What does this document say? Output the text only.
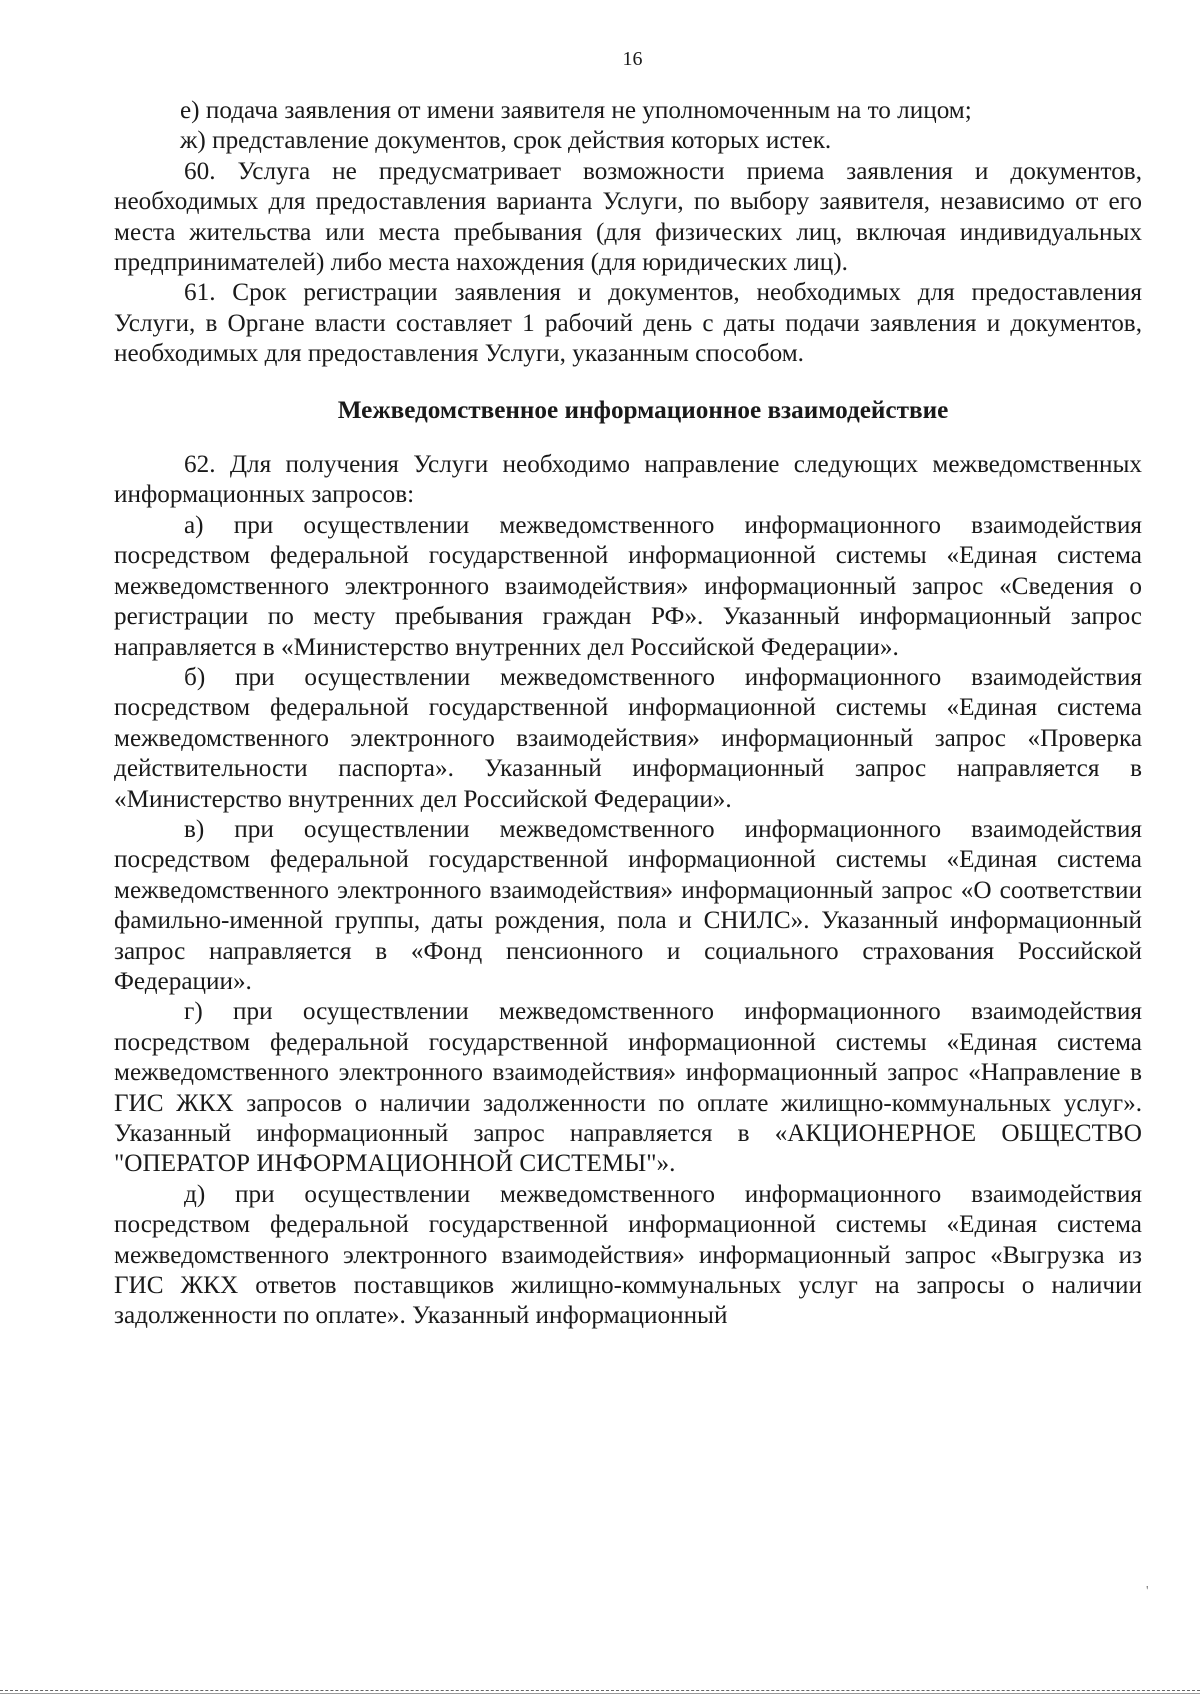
16

е) подача заявления от имени заявителя не уполномоченным на то лицом;

ж) представление документов, срок действия которых истек.

60. Услуга не предусматривает возможности приема заявления и документов, необходимых для предоставления варианта Услуги, по выбору заявителя, независимо от его места жительства или места пребывания (для физических лиц, включая индивидуальных предпринимателей) либо места нахождения (для юридических лиц).

61. Срок регистрации заявления и документов, необходимых для предоставления Услуги, в Органе власти составляет 1 рабочий день с даты подачи заявления и документов, необходимых для предоставления Услуги, указанным способом.

Межведомственное информационное взаимодействие

62. Для получения Услуги необходимо направление следующих межведомственных информационных запросов:

а) при осуществлении межведомственного информационного взаимодействия посредством федеральной государственной информационной системы «Единая система межведомственного электронного взаимодействия» информационный запрос «Сведения о регистрации по месту пребывания граждан РФ». Указанный информационный запрос направляется в «Министерство внутренних дел Российской Федерации».

б) при осуществлении межведомственного информационного взаимодействия посредством федеральной государственной информационной системы «Единая система межведомственного электронного взаимодействия» информационный запрос «Проверка действительности паспорта». Указанный информационный запрос направляется в «Министерство внутренних дел Российской Федерации».

в) при осуществлении межведомственного информационного взаимодействия посредством федеральной государственной информационной системы «Единая система межведомственного электронного взаимодействия» информационный запрос «О соответствии фамильно-именной группы, даты рождения, пола и СНИЛС». Указанный информационный запрос направляется в «Фонд пенсионного и социального страхования Российской Федерации».

г) при осуществлении межведомственного информационного взаимодействия посредством федеральной государственной информационной системы «Единая система межведомственного электронного взаимодействия» информационный запрос «Направление в ГИС ЖКХ запросов о наличии задолженности по оплате жилищно-коммунальных услуг». Указанный информационный запрос направляется в «АКЦИОНЕРНОЕ ОБЩЕСТВО "ОПЕРАТОР ИНФОРМАЦИОННОЙ СИСТЕМЫ"».

д) при осуществлении межведомственного информационного взаимодействия посредством федеральной государственной информационной системы «Единая система межведомственного электронного взаимодействия» информационный запрос «Выгрузка из ГИС ЖКХ ответов поставщиков жилищно-коммунальных услуг на запросы о наличии задолженности по оплате». Указанный информационный

'
